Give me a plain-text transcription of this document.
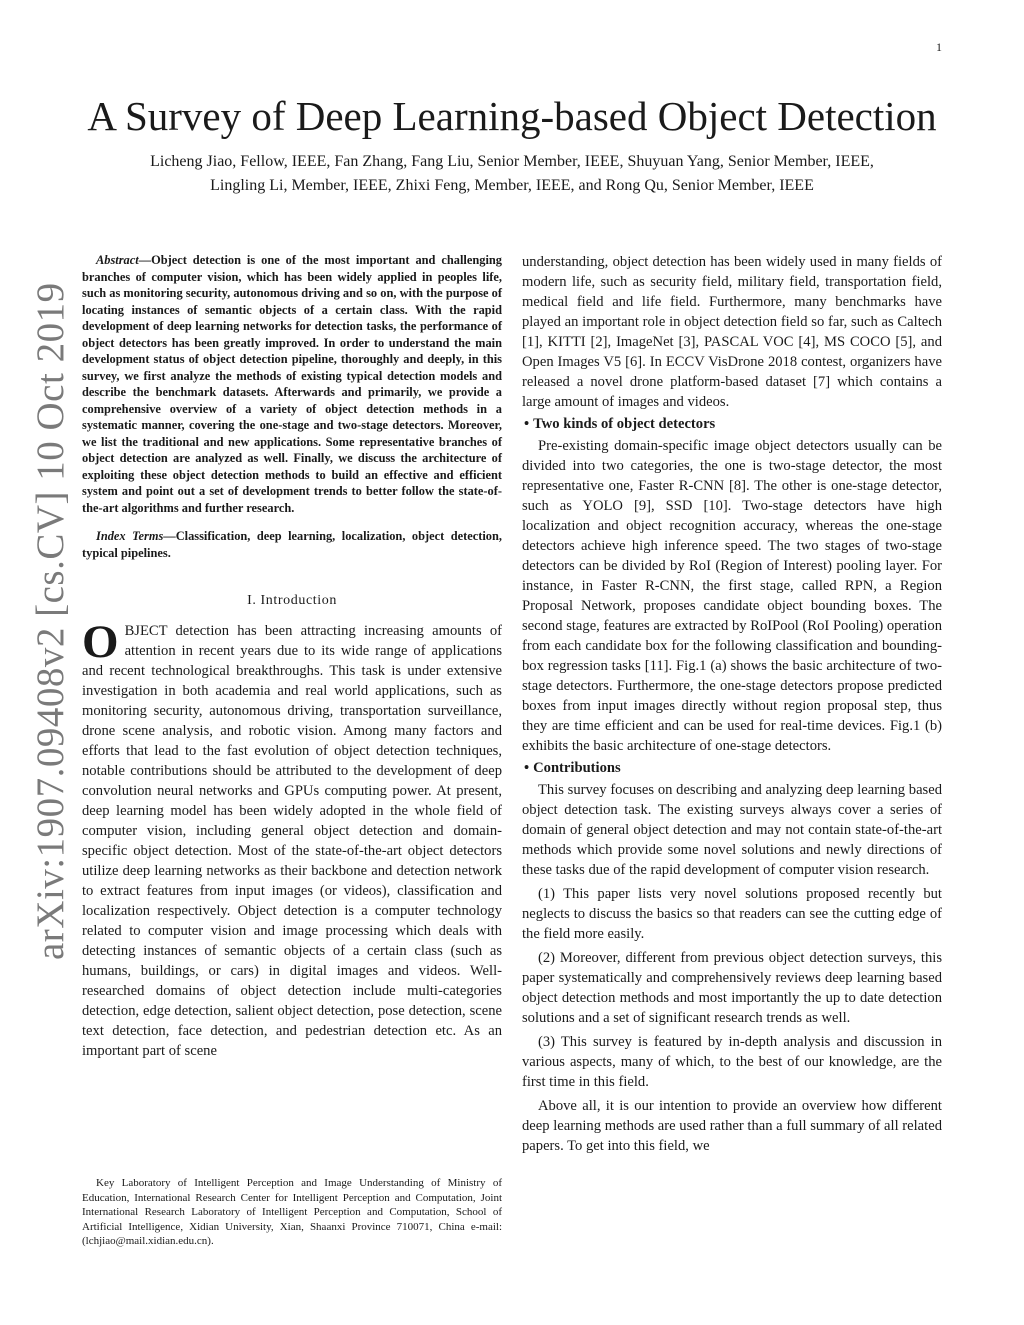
1
arXiv:1907.09408v2 [cs.CV] 10 Oct 2019
A Survey of Deep Learning-based Object Detection
Licheng Jiao, Fellow, IEEE, Fan Zhang, Fang Liu, Senior Member, IEEE, Shuyuan Yang, Senior Member, IEEE,
Lingling Li, Member, IEEE, Zhixi Feng, Member, IEEE, and Rong Qu, Senior Member, IEEE

Abstract—Object detection is one of the most important and challenging branches of computer vision, which has been widely applied in peoples life, such as monitoring security, autonomous driving and so on, with the purpose of locating instances of semantic objects of a certain class. With the rapid development of deep learning networks for detection tasks, the performance of object detectors has been greatly improved. In order to understand the main development status of object detection pipeline, thoroughly and deeply, in this survey, we first analyze the methods of existing typical detection models and describe the benchmark datasets. Afterwards and primarily, we provide a comprehensive overview of a variety of object detection methods in a systematic manner, covering the one-stage and two-stage detectors. Moreover, we list the traditional and new applications. Some representative branches of object detection are analyzed as well. Finally, we discuss the architecture of exploiting these object detection methods to build an effective and efficient system and point out a set of development trends to better follow the state-of-the-art algorithms and further research.

Index Terms—Classification, deep learning, localization, object detection, typical pipelines.

I. Introduction

OBJECT detection has been attracting increasing amounts of attention in recent years due to its wide range of applications and recent technological breakthroughs. This task is under extensive investigation in both academia and real world applications, such as monitoring security, autonomous driving, transportation surveillance, drone scene analysis, and robotic vision. Among many factors and efforts that lead to the fast evolution of object detection techniques, notable contributions should be attributed to the development of deep convolution neural networks and GPUs computing power. At present, deep learning model has been widely adopted in the whole field of computer vision, including general object detection and domain-specific object detection. Most of the state-of-the-art object detectors utilize deep learning networks as their backbone and detection network to extract features from input images (or videos), classification and localization respectively. Object detection is a computer technology related to computer vision and image processing which deals with detecting instances of semantic objects of a certain class (such as humans, buildings, or cars) in digital images and videos. Well-researched domains of object detection include multi-categories detection, edge detection, salient object detection, pose detection, scene text detection, face detection, and pedestrian detection etc. As an important part of scene

understanding, object detection has been widely used in many fields of modern life, such as security field, military field, transportation field, medical field and life field. Furthermore, many benchmarks have played an important role in object detection field so far, such as Caltech [1], KITTI [2], ImageNet [3], PASCAL VOC [4], MS COCO [5], and Open Images V5 [6]. In ECCV VisDrone 2018 contest, organizers have released a novel drone platform-based dataset [7] which contains a large amount of images and videos.

• Two kinds of object detectors

Pre-existing domain-specific image object detectors usually can be divided into two categories, the one is two-stage detector, the most representative one, Faster R-CNN [8]. The other is one-stage detector, such as YOLO [9], SSD [10]. Two-stage detectors have high localization and object recognition accuracy, whereas the one-stage detectors achieve high inference speed. The two stages of two-stage detectors can be divided by RoI (Region of Interest) pooling layer. For instance, in Faster R-CNN, the first stage, called RPN, a Region Proposal Network, proposes candidate object bounding boxes. The second stage, features are extracted by RoIPool (RoI Pooling) operation from each candidate box for the following classification and bounding-box regression tasks [11]. Fig.1 (a) shows the basic architecture of two-stage detectors. Furthermore, the one-stage detectors propose predicted boxes from input images directly without region proposal step, thus they are time efficient and can be used for real-time devices. Fig.1 (b) exhibits the basic architecture of one-stage detectors.

• Contributions

This survey focuses on describing and analyzing deep learning based object detection task. The existing surveys always cover a series of domain of general object detection and may not contain state-of-the-art methods which provide some novel solutions and newly directions of these tasks due of the rapid development of computer vision research.

(1) This paper lists very novel solutions proposed recently but neglects to discuss the basics so that readers can see the cutting edge of the field more easily.

(2) Moreover, different from previous object detection surveys, this paper systematically and comprehensively reviews deep learning based object detection methods and most importantly the up to date detection solutions and a set of significant research trends as well.

(3) This survey is featured by in-depth analysis and discussion in various aspects, many of which, to the best of our knowledge, are the first time in this field.

Above all, it is our intention to provide an overview how different deep learning methods are used rather than a full summary of all related papers. To get into this field, we

Key Laboratory of Intelligent Perception and Image Understanding of Ministry of Education, International Research Center for Intelligent Perception and Computation, Joint International Research Laboratory of Intelligent Perception and Computation, School of Artificial Intelligence, Xidian University, Xian, Shaanxi Province 710071, China e-mail: (lchjiao@mail.xidian.edu.cn).
